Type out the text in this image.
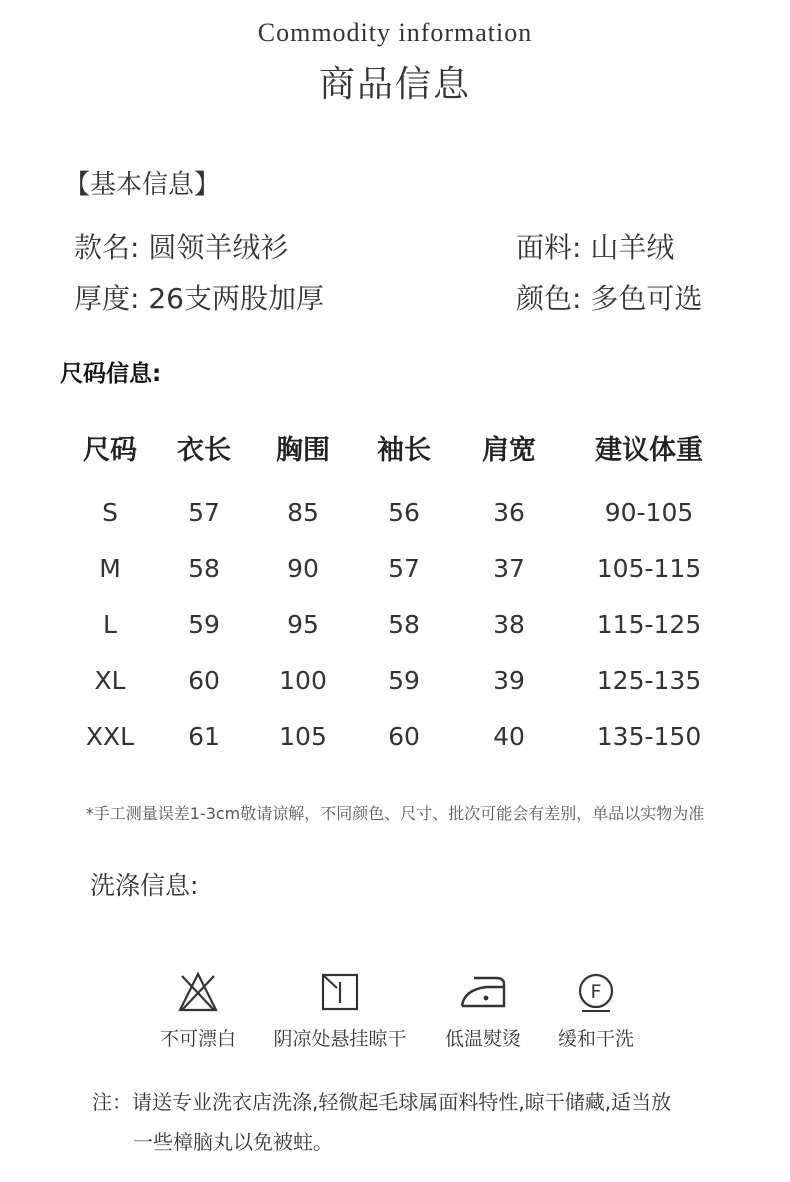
Commodity information
商品信息
【基本信息】
款名: 圆领羊绒衫	面料: 山羊绒
厚度: 26支两股加厚	颜色: 多色可选
尺码信息:
尺码 衣长 胸围 袖长 肩宽 建议体重
S	57	85	56	36	90-105
M	58	90	57	37	105-115
L	59	95	58	38	115-125
XL	60 100 59	39	125-135
XXL 61 105 60	40	135-150
*手工测量误差1-3cm敬请谅解，不同颜色、尺寸、批次可能会有差别，单品以实物为准
洗涤信息:
不可漂白	阴凉处悬挂晾干	低温熨烫
F
缓和干洗
注：请送专业洗衣店洗涤,轻微起毛球属面料特性,晾干储藏,适当放
一些樟脑丸以免被蛀。
